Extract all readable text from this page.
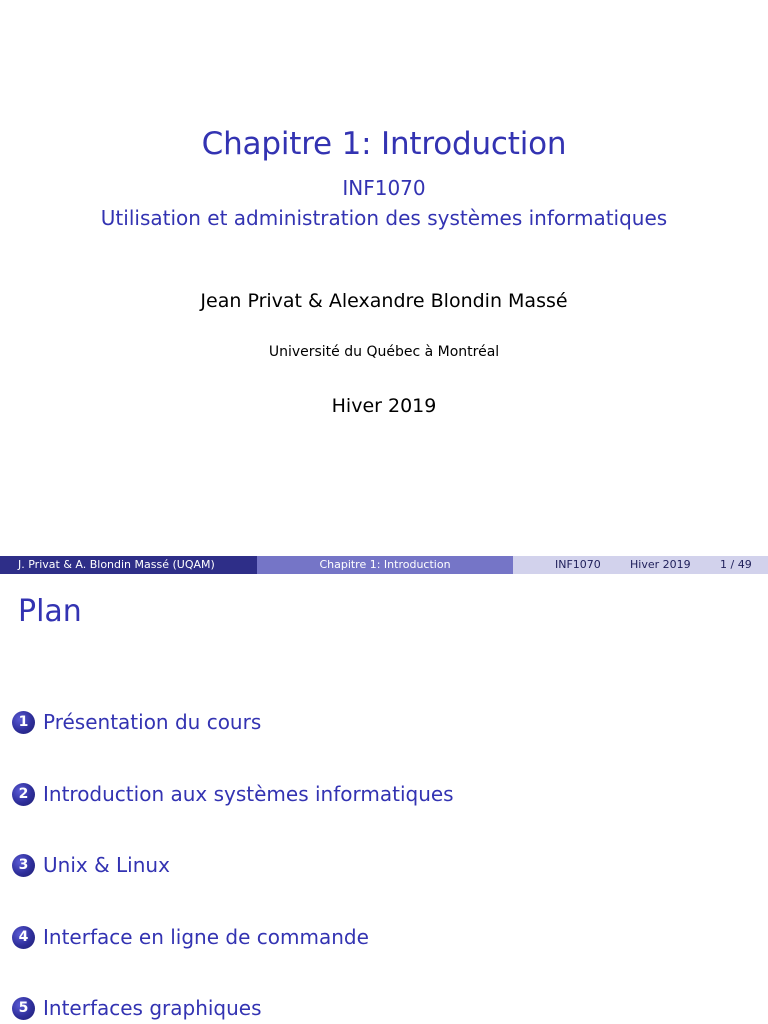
Chapitre 1: Introduction
INF1070
Utilisation et administration des systèmes informatiques
Jean Privat & Alexandre Blondin Massé
Université du Québec à Montréal
Hiver 2019
J. Privat & A. Blondin Massé (UQAM)	Chapitre 1: Introduction	INF1070	Hiver 2019	1 / 49
Plan
1 Présentation du cours
2 Introduction aux systèmes informatiques
3 Unix & Linux
4 Interface en ligne de commande
5 Interfaces graphiques
